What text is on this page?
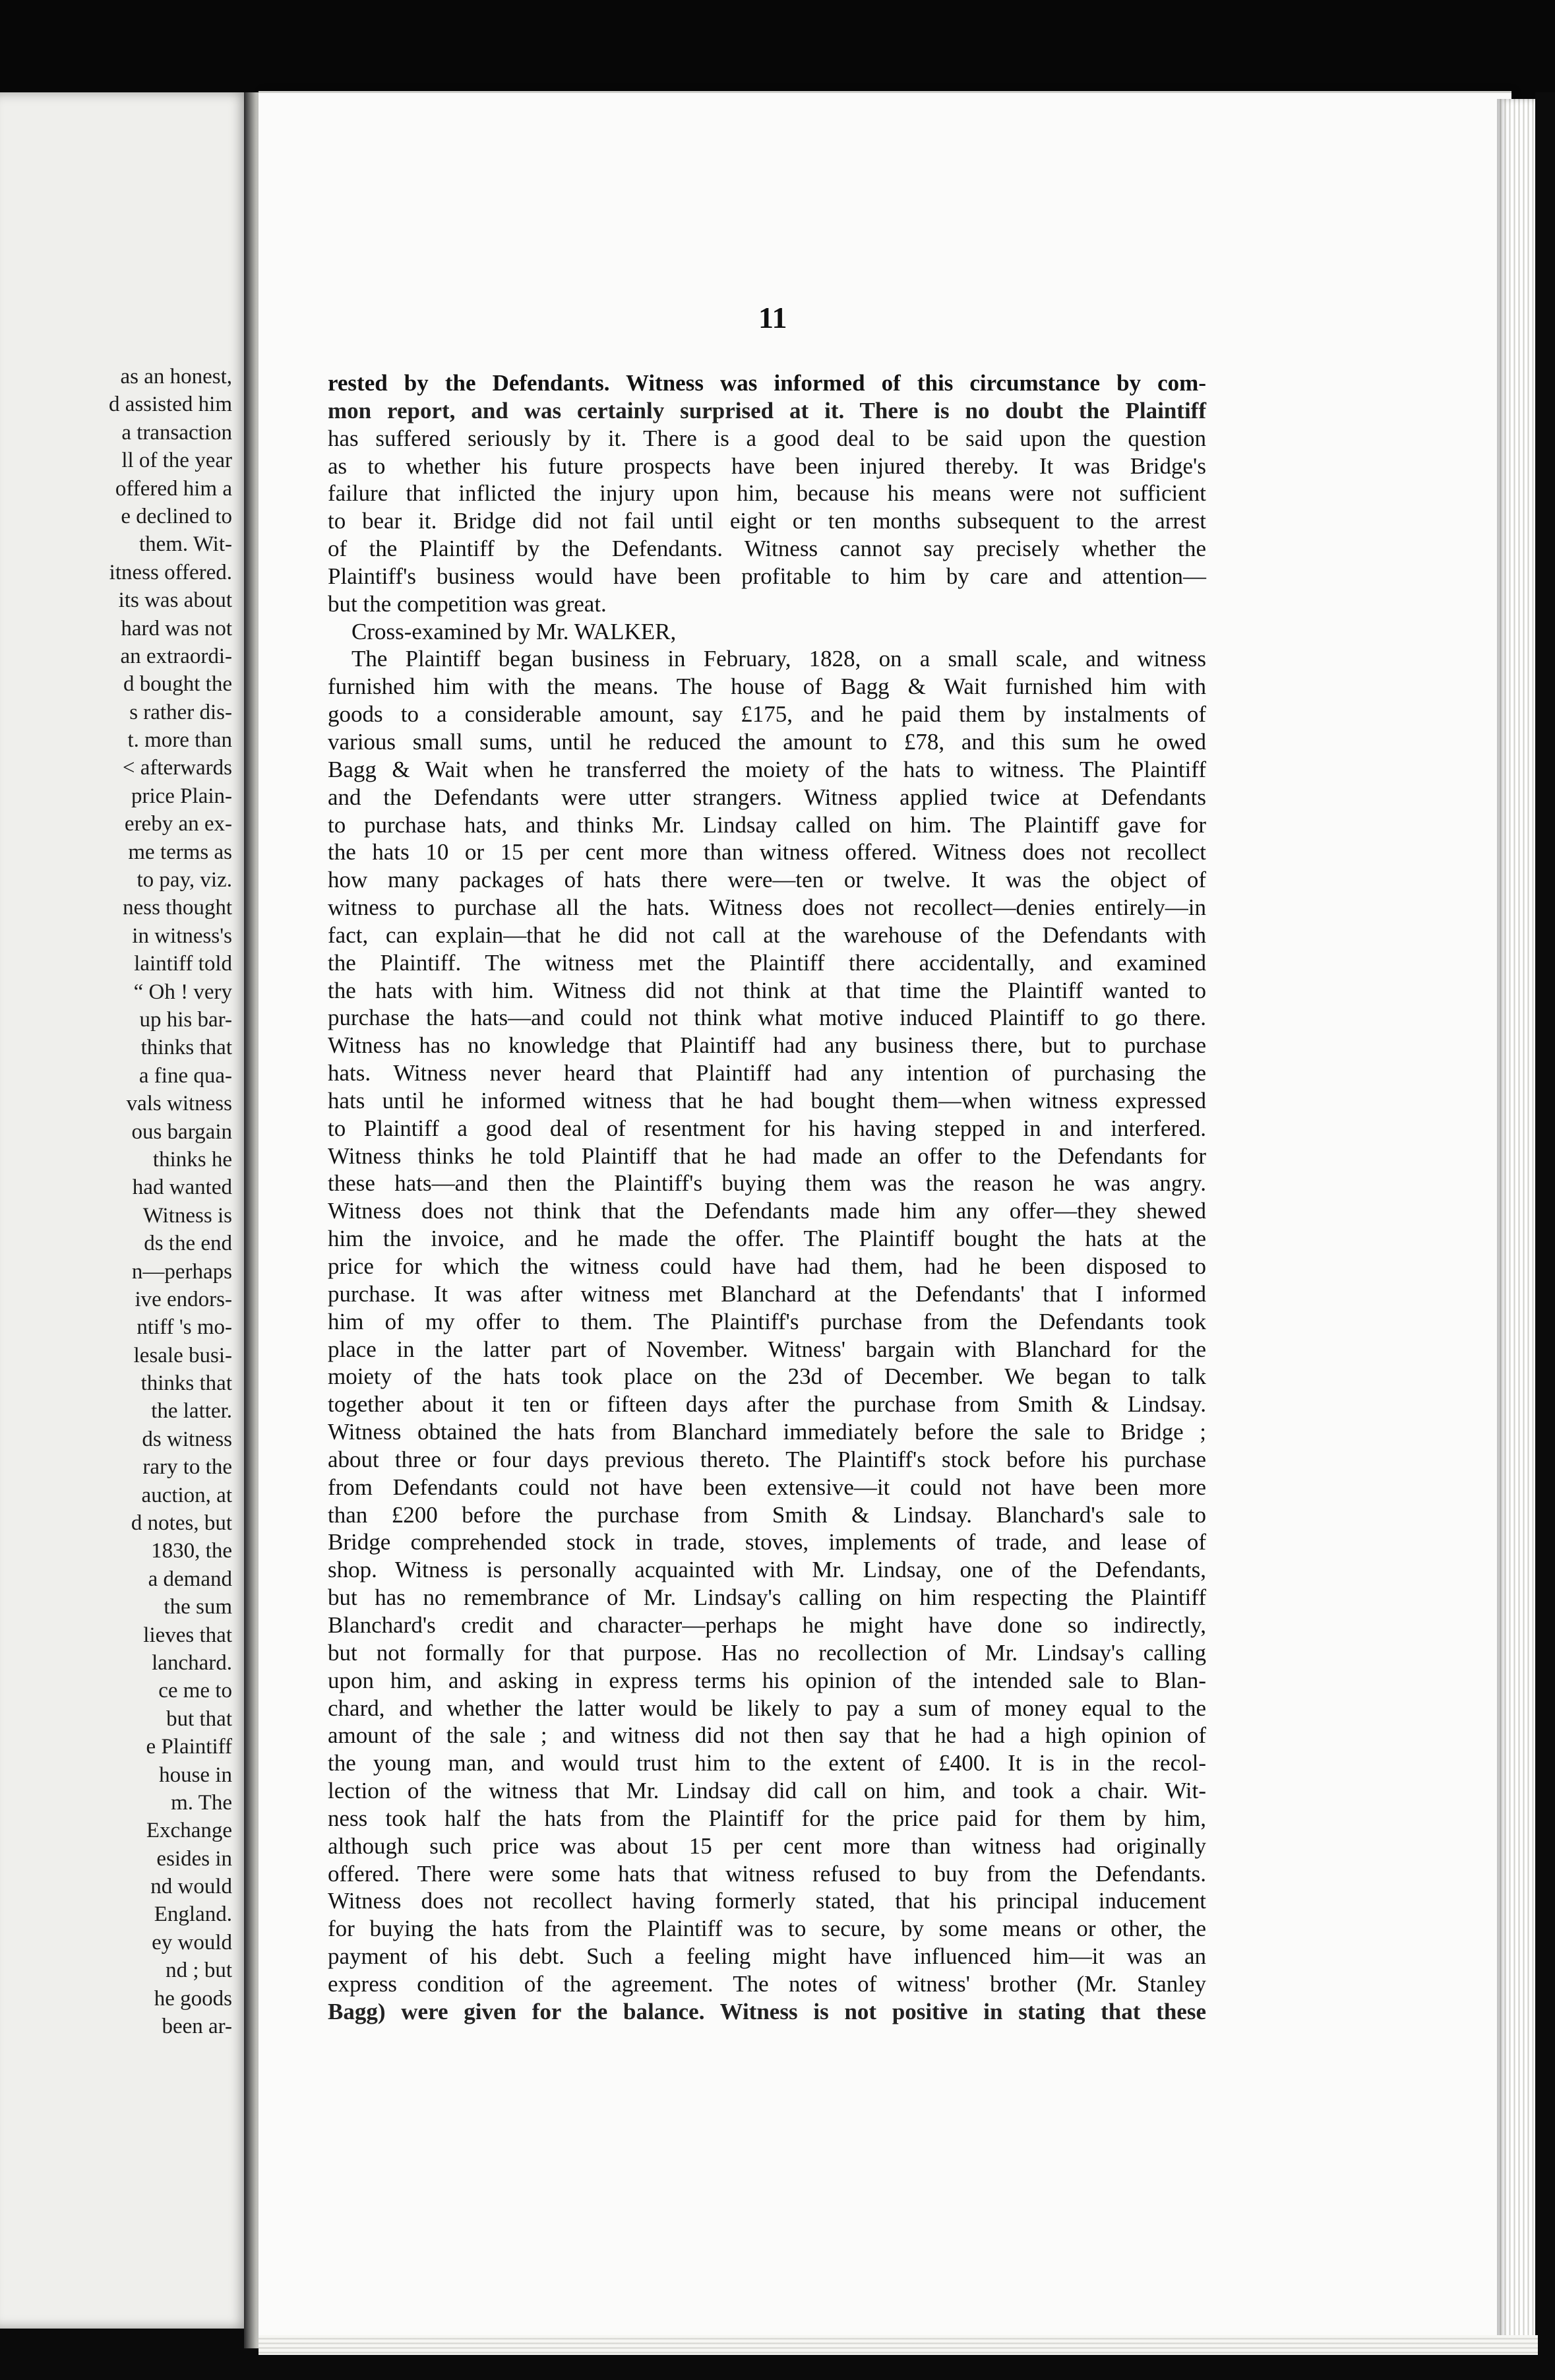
as an honest,
d assisted him
a transaction
ll of the year
offered him a
e declined to
them. Wit-
itness offered.
its was about
hard was not
an extraordi-
d bought the
s rather dis-
t. more than
< afterwards
price Plain-
ereby an ex-
me terms as
to pay, viz.
ness thought
in witness's
laintiff told
“ Oh ! very
up his bar-
thinks that
a fine qua-
vals witness
ous bargain
thinks he
had wanted
Witness is
ds the end
n—perhaps
ive endors-
ntiff 's mo-
lesale busi-
thinks that
the latter.
ds witness
rary to the
auction, at
d notes, but
1830, the
a demand
the sum
lieves that
lanchard.
ce me to
but that
e Plaintiff
house in
m. The
Exchange
esides in
nd would
England.
ey would
nd ; but
he goods
been ar-
11
rested by the Defendants. Witness was informed of this circumstance by com-
mon report, and was certainly surprised at it. There is no doubt the Plaintiff
has suffered seriously by it. There is a good deal to be said upon the question
as to whether his future prospects have been injured thereby. It was Bridge's
failure that inflicted the injury upon him, because his means were not sufficient
to bear it. Bridge did not fail until eight or ten months subsequent to the arrest
of the Plaintiff by the Defendants. Witness cannot say precisely whether the
Plaintiff's business would have been profitable to him by care and attention—
but the competition was great.
Cross-examined by Mr. WALKER,
The Plaintiff began business in February, 1828, on a small scale, and witness
furnished him with the means. The house of Bagg & Wait furnished him with
goods to a considerable amount, say £175, and he paid them by instalments of
various small sums, until he reduced the amount to £78, and this sum he owed
Bagg & Wait when he transferred the moiety of the hats to witness. The Plaintiff
and the Defendants were utter strangers. Witness applied twice at Defendants
to purchase hats, and thinks Mr. Lindsay called on him. The Plaintiff gave for
the hats 10 or 15 per cent more than witness offered. Witness does not recollect
how many packages of hats there were—ten or twelve. It was the object of
witness to purchase all the hats. Witness does not recollect—denies entirely—in
fact, can explain—that he did not call at the warehouse of the Defendants with
the Plaintiff. The witness met the Plaintiff there accidentally, and examined
the hats with him. Witness did not think at that time the Plaintiff wanted to
purchase the hats—and could not think what motive induced Plaintiff to go there.
Witness has no knowledge that Plaintiff had any business there, but to purchase
hats. Witness never heard that Plaintiff had any intention of purchasing the
hats until he informed witness that he had bought them—when witness expressed
to Plaintiff a good deal of resentment for his having stepped in and interfered.
Witness thinks he told Plaintiff that he had made an offer to the Defendants for
these hats—and then the Plaintiff's buying them was the reason he was angry.
Witness does not think that the Defendants made him any offer—they shewed
him the invoice, and he made the offer. The Plaintiff bought the hats at the
price for which the witness could have had them, had he been disposed to
purchase. It was after witness met Blanchard at the Defendants' that I informed
him of my offer to them. The Plaintiff's purchase from the Defendants took
place in the latter part of November. Witness' bargain with Blanchard for the
moiety of the hats took place on the 23d of December. We began to talk
together about it ten or fifteen days after the purchase from Smith & Lindsay.
Witness obtained the hats from Blanchard immediately before the sale to Bridge ;
about three or four days previous thereto. The Plaintiff's stock before his purchase
from Defendants could not have been extensive—it could not have been more
than £200 before the purchase from Smith & Lindsay. Blanchard's sale to
Bridge comprehended stock in trade, stoves, implements of trade, and lease of
shop. Witness is personally acquainted with Mr. Lindsay, one of the Defendants,
but has no remembrance of Mr. Lindsay's calling on him respecting the Plaintiff
Blanchard's credit and character—perhaps he might have done so indirectly,
but not formally for that purpose. Has no recollection of Mr. Lindsay's calling
upon him, and asking in express terms his opinion of the intended sale to Blan-
chard, and whether the latter would be likely to pay a sum of money equal to the
amount of the sale ; and witness did not then say that he had a high opinion of
the young man, and would trust him to the extent of £400. It is in the recol-
lection of the witness that Mr. Lindsay did call on him, and took a chair. Wit-
ness took half the hats from the Plaintiff for the price paid for them by him,
although such price was about 15 per cent more than witness had originally
offered. There were some hats that witness refused to buy from the Defendants.
Witness does not recollect having formerly stated, that his principal inducement
for buying the hats from the Plaintiff was to secure, by some means or other, the
payment of his debt. Such a feeling might have influenced him—it was an
express condition of the agreement. The notes of witness' brother (Mr. Stanley
Bagg) were given for the balance. Witness is not positive in stating that these
